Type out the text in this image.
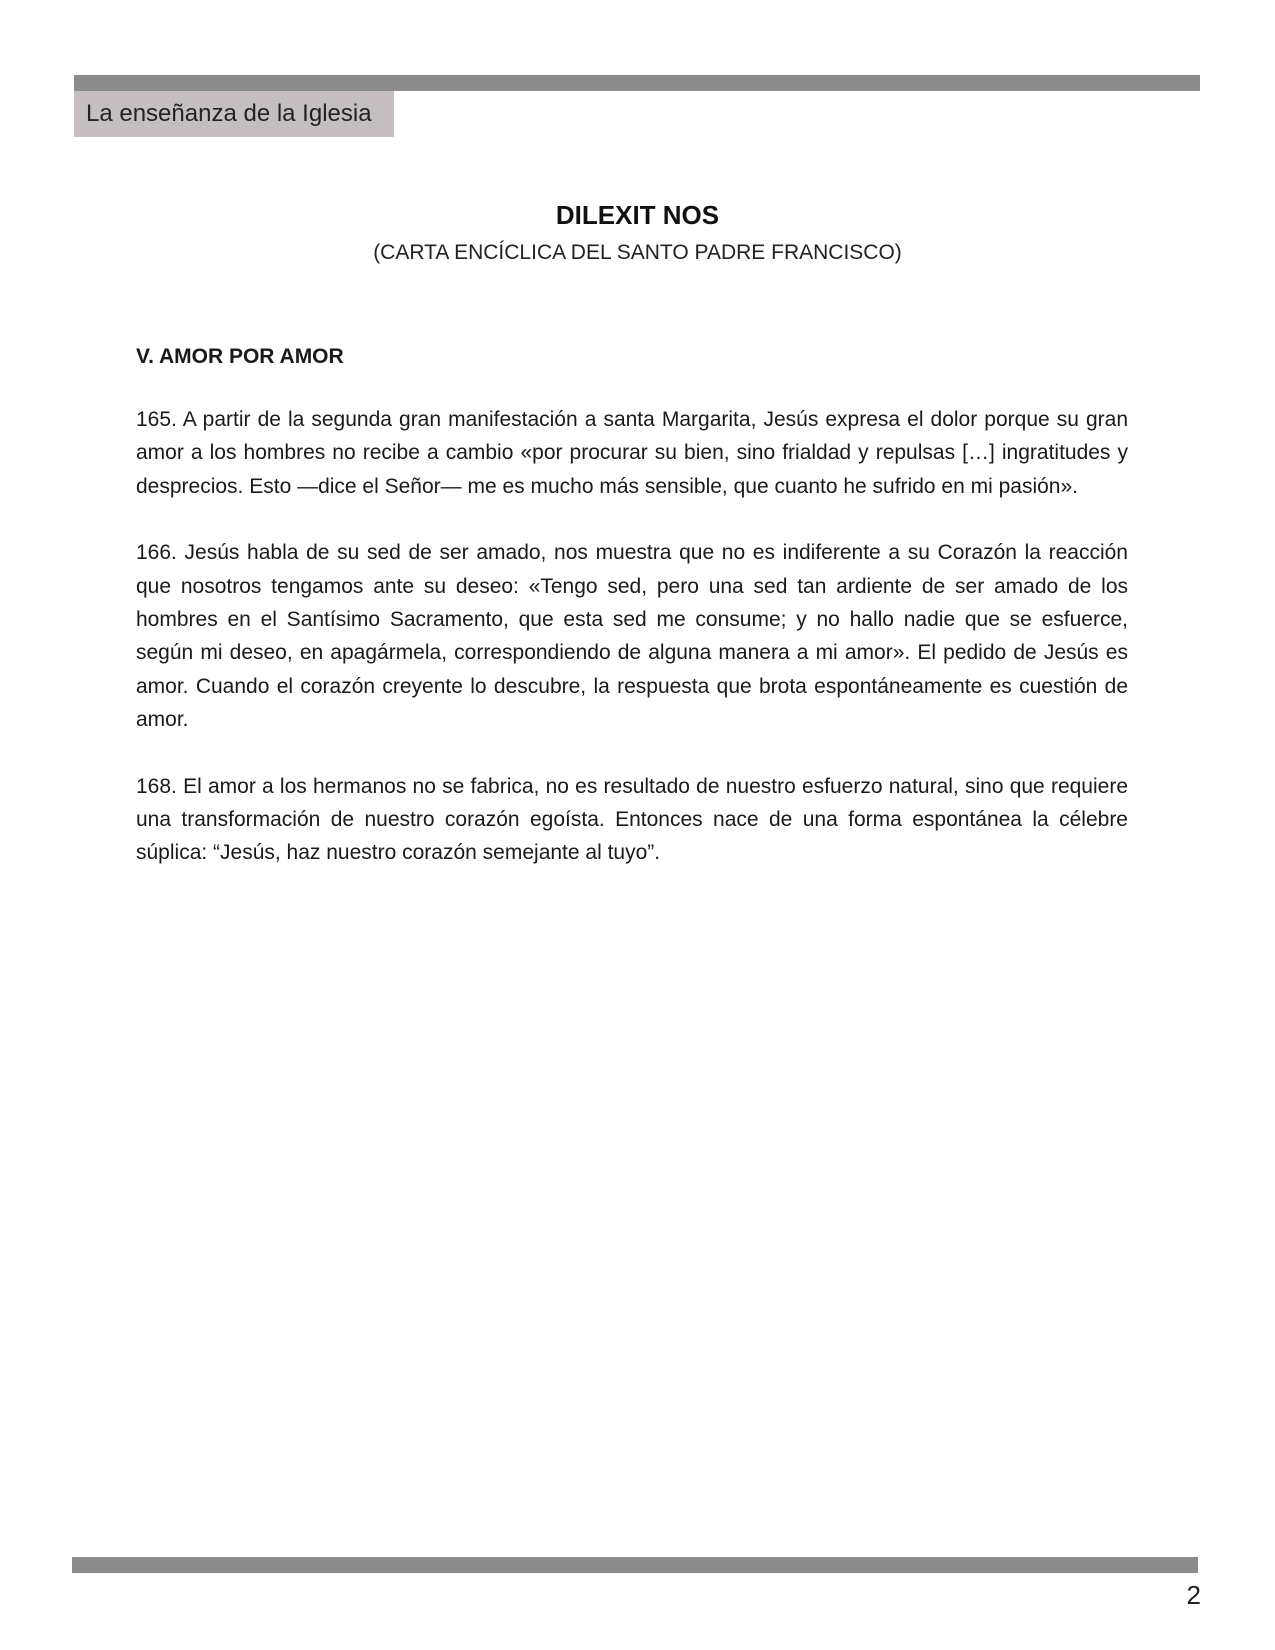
La enseñanza de la Iglesia
DILEXIT NOS
(CARTA ENCÍCLICA DEL SANTO PADRE FRANCISCO)
V. AMOR POR AMOR

165. A partir de la segunda gran manifestación a santa Margarita, Jesús expresa el dolor porque su gran amor a los hombres no recibe a cambio «por procurar su bien, sino frialdad y repulsas […] ingratitudes y desprecios. Esto —dice el Señor— me es mucho más sensible, que cuanto he sufrido en mi pasión».

166. Jesús habla de su sed de ser amado, nos muestra que no es indiferente a su Corazón la reacción que nosotros tengamos ante su deseo: «Tengo sed, pero una sed tan ardiente de ser amado de los hombres en el Santísimo Sacramento, que esta sed me consume; y no hallo nadie que se esfuerce, según mi deseo, en apagármela, correspondiendo de alguna manera a mi amor». El pedido de Jesús es amor. Cuando el corazón creyente lo descubre, la respuesta que brota espontáneamente es cuestión de amor.

168. El amor a los hermanos no se fabrica, no es resultado de nuestro esfuerzo natural, sino que requiere una transformación de nuestro corazón egoísta. Entonces nace de una forma espontánea la célebre súplica: “Jesús, haz nuestro corazón semejante al tuyo”.

2
